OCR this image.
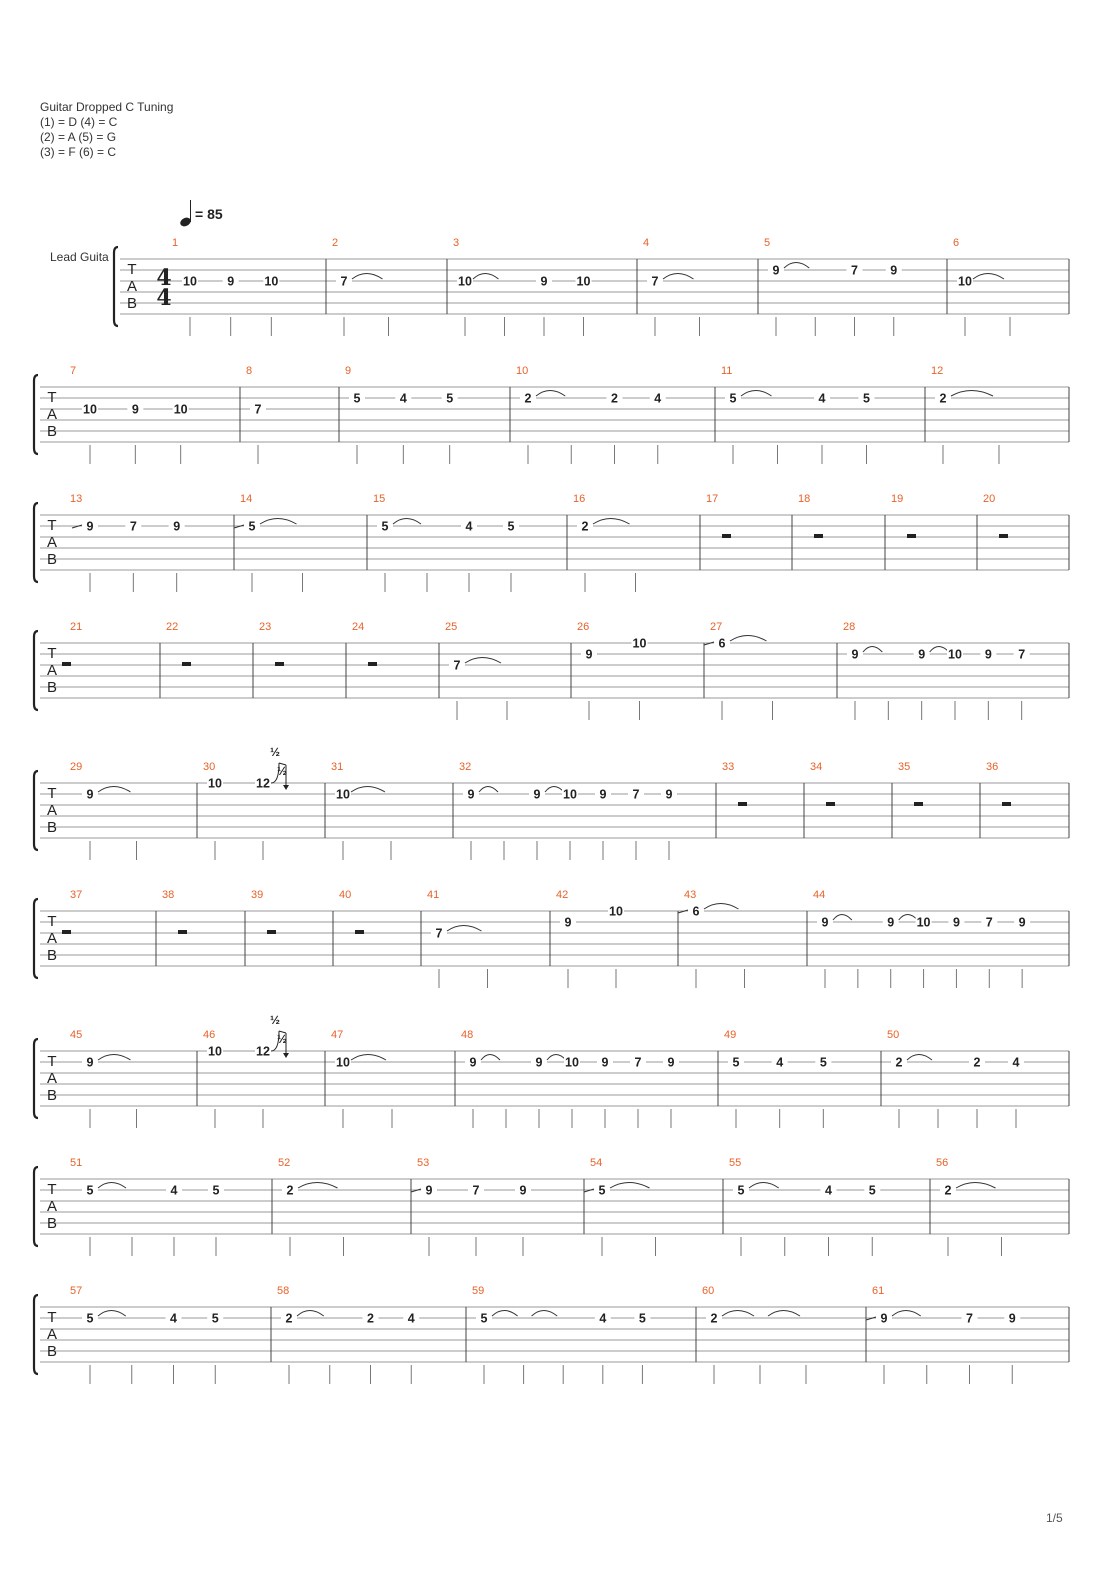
Guitar Dropped C Tuning
(1) = D (4) = C
(2) = A (5) = G
(3) = F (6) = C
= 85
Lead Guita
T
A
B
4
4
1
10 9 10
2
7
3
10	9 10
4
7
5
9	7	9
6
10
T
A
B
7
10	9	10
8
7
9
5	4	5
10
2	2	4
11
5	4	5
12
2
T
A
B
13
9	7	9
14
5
15
5	4	5
16
2
17	18	19	20
T
A
B
21	22	23	24	25
7
26
9
10
27
6
28
9	9 10 9 7
T
A
B
29
9
30
10	12
½
½	31
10
32
9	9 10 9 7 9
33	34	35	36
T
A
B
37	38	39	40	41
7
42
9
10
43
6
44
9	9 10 9 7 9
T
A
B
45
9
46
10	12
½
½	47
10
48
9	9 10 9 7 9
49
5	4	5
50
2	2	4
T
A
B
51
5	4	5
52
2
53
9	7	9
54
5
55
5	4	5
56
2
T
A
B
57
5	4	5
58
2	2	4
59
5	4	5
60
2
61
9	7	9
1/5
